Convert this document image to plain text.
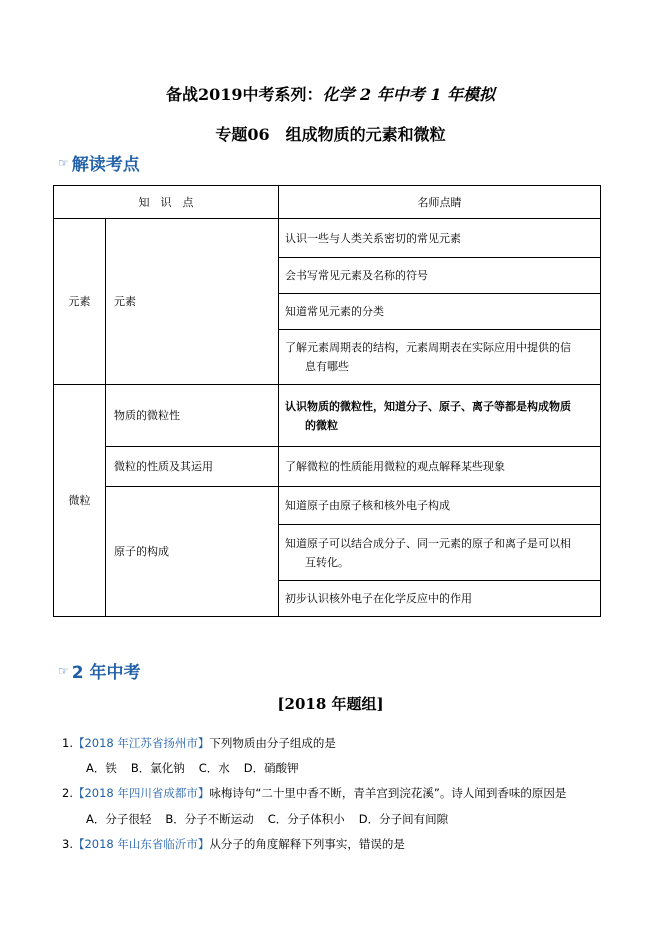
备战2019中考系列：化学 2 年中考 1 年模拟
专题06　组成物质的元素和微粒
☞ 解读考点
知　识　点		名师点睛
元素	元素	认识一些与人类关系密切的常见元素
		会书写常见元素及名称的符号
		知道常见元素的分类

		了解元素周期表的结构，元素周期表在实际应用中提供的信
息有哪些

微粒	物质的微粒性	认识物质的微粒性，知道分子、原子、离子等都是构成物质
的微粒

	微粒的性质及其运用	了解微粒的性质能用微粒的观点解释某些现象
	原子的构成	知道原子由原子核和核外电子构成

		知道原子可以结合成分子、同一元素的原子和离子是可以相
互转化。

		初步认识核外电子在化学反应中的作用
☞ 2 年中考
[2018 年题组]
1.【2018 年江苏省扬州市】下列物质由分子组成的是
A．铁 B．氯化钠 C．水 D．硝酸钾
2.【2018 年四川省成都市】咏梅诗句“二十里中香不断，青羊宫到浣花溪”。诗人闻到香味的原因是
A．分子很轻 B．分子不断运动 C．分子体积小 D．分子间有间隙
3.【2018 年山东省临沂市】从分子的角度解释下列事实，错误的是
